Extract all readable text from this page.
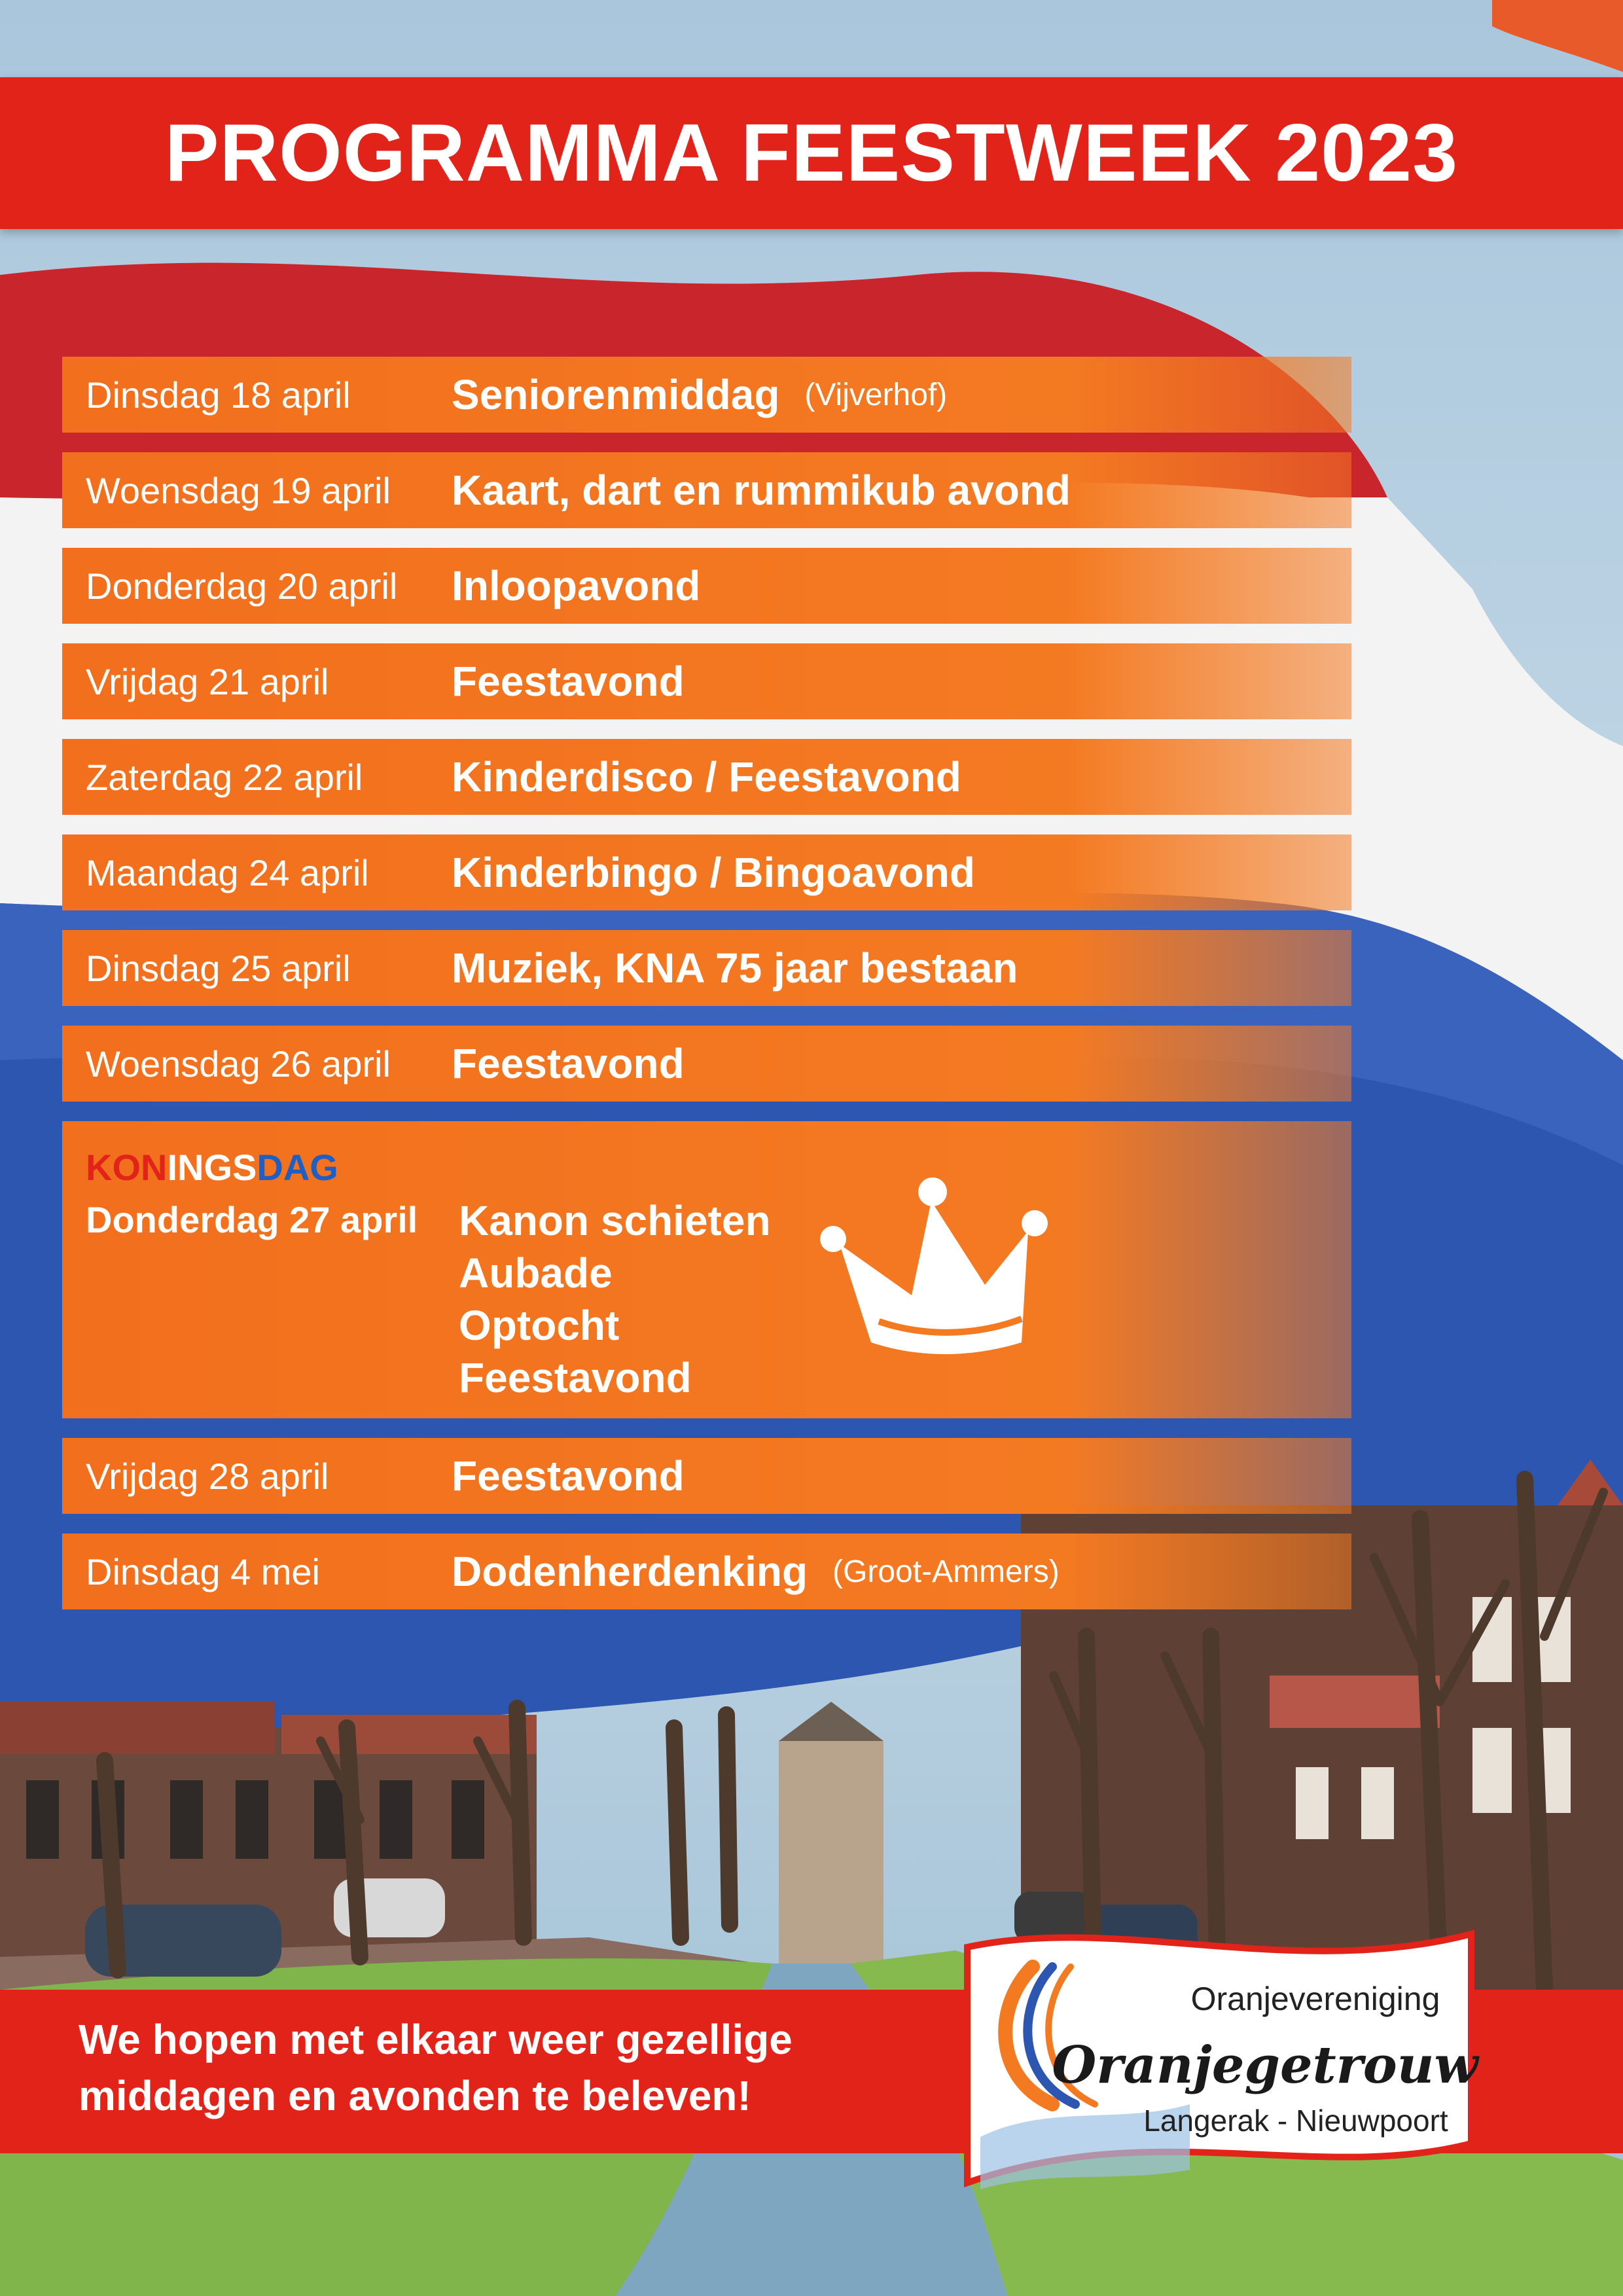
PROGRAMMA FEESTWEEK 2023
Dinsdag 18 april	Seniorenmiddag (Vijverhof)
Woensdag 19 april	Kaart, dart en rummikub avond
Donderdag 20 april	Inloopavond
Vrijdag 21 april	Feestavond
Zaterdag 22 april	Kinderdisco / Feestavond
Maandag 24 april	Kinderbingo / Bingoavond
Dinsdag 25 april	Muziek, KNA 75 jaar bestaan
Woensdag 26 april	Feestavond
KONINGSDAG
Donderdag 27 april Kanon schieten
Aubade
Optocht
Feestavond
Vrijdag 28 april	Feestavond
Dinsdag 4 mei	Dodenherdenking (Groot-Ammers)
We hopen met elkaar weer gezellige
middagen en avonden te beleven!
Oranjevereniging
Oranjegetrouw
Langerak - Nieuwpoort
